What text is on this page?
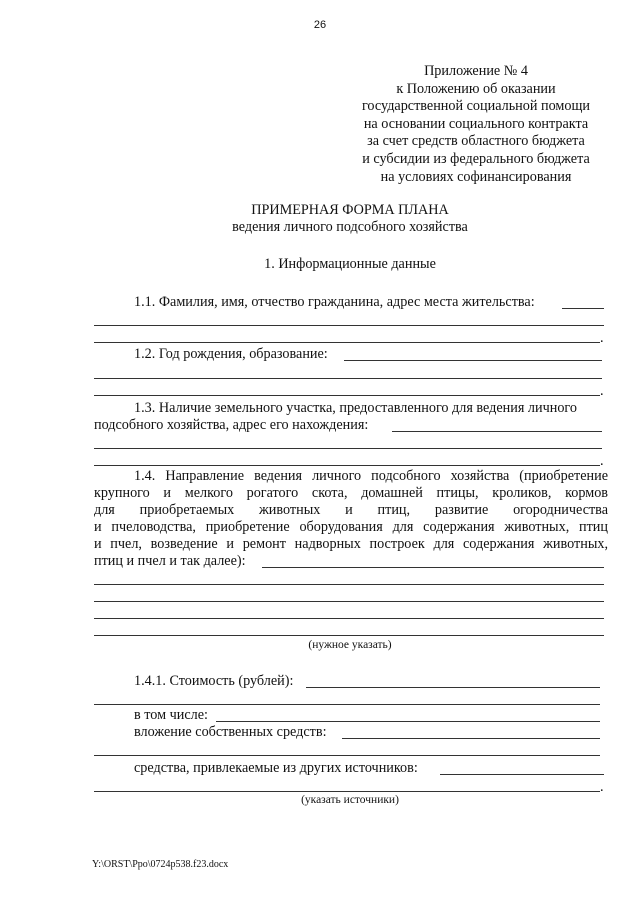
26
Приложение № 4
к Положению об оказании
государственной социальной помощи
на основании социального контракта
за счет средств областного бюджета
и субсидии из федерального бюджета
на условиях софинансирования
ПРИМЕРНАЯ ФОРМА ПЛАНА
ведения личного подсобного хозяйства
1. Информационные данные
1.1. Фамилия, имя, отчество гражданина, адрес места жительства:
.
1.2. Год рождения, образование:
.
1.3. Наличие земельного участка, предоставленного для ведения личного
подсобного хозяйства, адрес его нахождения:
.
1.4. Направление ведения личного подсобного хозяйства (приобретение
крупного и мелкого рогатого скота, домашней птицы, кроликов, кормов
для приобретаемых животных и птиц, развитие огородничества
и пчеловодства, приобретение оборудования для содержания животных, птиц
и пчел, возведение и ремонт надворных построек для содержания животных,
птиц и пчел и так далее):
(нужное указать)
1.4.1. Стоимость (рублей):
в том числе:
вложение собственных средств:
средства, привлекаемые из других источников:
.
(указать источники)
Y:\ORST\Ppo\0724p538.f23.docx
